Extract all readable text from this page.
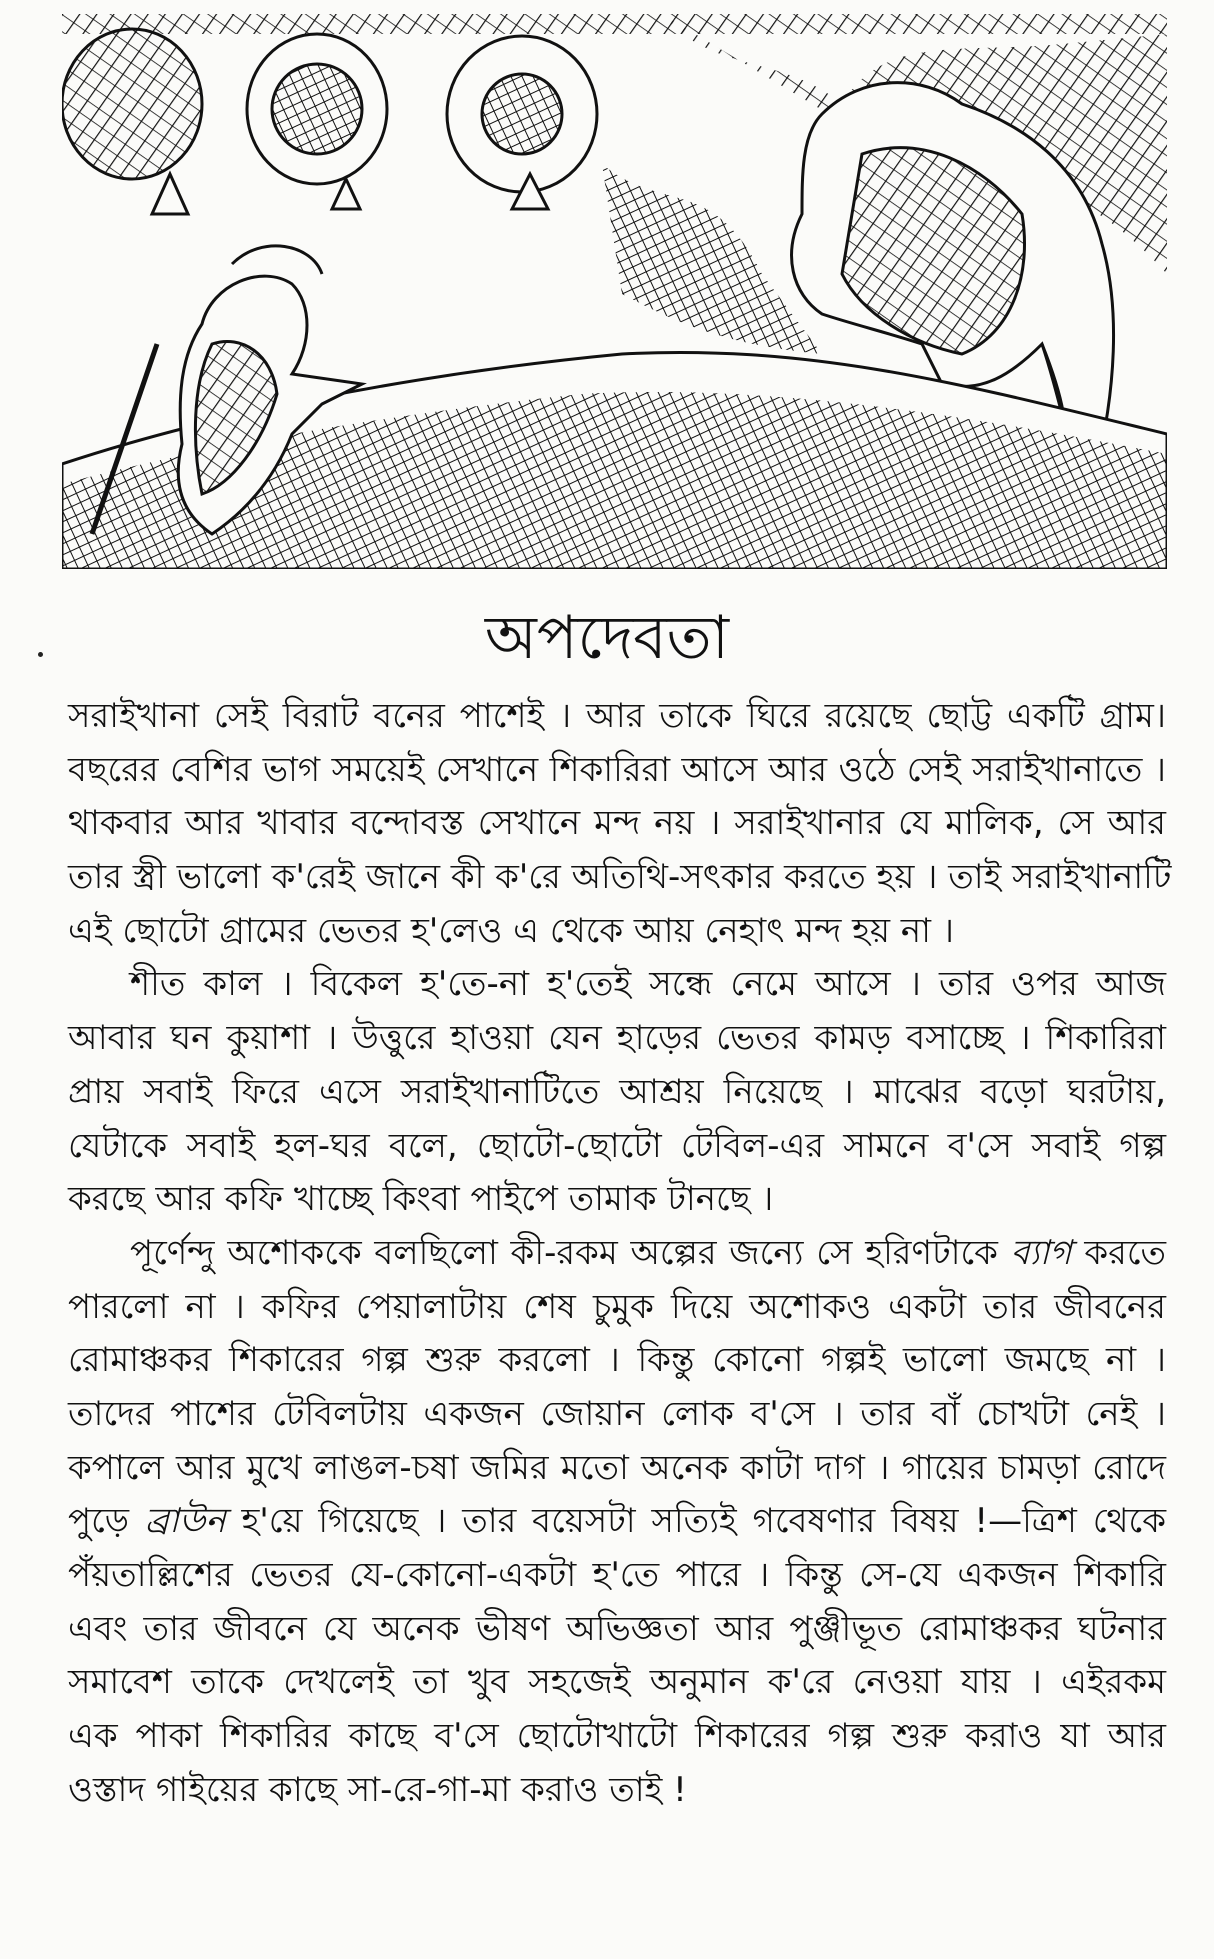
অপদেবতা
সরাইখানা সেই বিরাট বনের পাশেই । আর তাকে ঘিরে রয়েছে ছোট্ট একটি গ্রাম।
বছরের বেশির ভাগ সময়েই সেখানে শিকারিরা আসে আর ওঠে সেই সরাইখানাতে ।
থাকবার আর খাবার বন্দোবস্ত সেখানে মন্দ নয় । সরাইখানার যে মালিক, সে আর
তার স্ত্রী ভালো ক'রেই জানে কী ক'রে অতিথি-সৎকার করতে হয় । তাই সরাইখানাটি
এই ছোটো গ্রামের ভেতর হ'লেও এ থেকে আয় নেহাৎ মন্দ হয় না ।
শীত কাল । বিকেল হ'তে-না হ'তেই সন্ধে নেমে আসে । তার ওপর আজ
আবার ঘন কুয়াশা । উত্তুরে হাওয়া যেন হাড়ের ভেতর কামড় বসাচ্ছে । শিকারিরা
প্রায় সবাই ফিরে এসে সরাইখানাটিতে আশ্রয় নিয়েছে । মাঝের বড়ো ঘরটায়,
যেটাকে সবাই হল-ঘর বলে, ছোটো-ছোটো টেবিল-এর সামনে ব'সে সবাই গল্প
করছে আর কফি খাচ্ছে কিংবা পাইপে তামাক টানছে ।
পূর্ণেন্দু অশোককে বলছিলো কী-রকম অল্পের জন্যে সে হরিণটাকে ব্যাগ করতে
পারলো না । কফির পেয়ালাটায় শেষ চুমুক দিয়ে অশোকও একটা তার জীবনের
রোমাঞ্চকর শিকারের গল্প শুরু করলো । কিন্তু কোনো গল্পই ভালো জমছে না ।
তাদের পাশের টেবিলটায় একজন জোয়ান লোক ব'সে । তার বাঁ চোখটা নেই ।
কপালে আর মুখে লাঙল-চষা জমির মতো অনেক কাটা দাগ । গায়ের চামড়া রোদে
পুড়ে ব্রাউন হ'য়ে গিয়েছে । তার বয়েসটা সত্যিই গবেষণার বিষয় !—ত্রিশ থেকে
পঁয়তাল্লিশের ভেতর যে-কোনো-একটা হ'তে পারে । কিন্তু সে-যে একজন শিকারি
এবং তার জীবনে যে অনেক ভীষণ অভিজ্ঞতা আর পুঞ্জীভূত রোমাঞ্চকর ঘটনার
সমাবেশ তাকে দেখলেই তা খুব সহজেই অনুমান ক'রে নেওয়া যায় । এইরকম
এক পাকা শিকারির কাছে ব'সে ছোটোখাটো শিকারের গল্প শুরু করাও যা আর
ওস্তাদ গাইয়ের কাছে সা-রে-গা-মা করাও তাই !
